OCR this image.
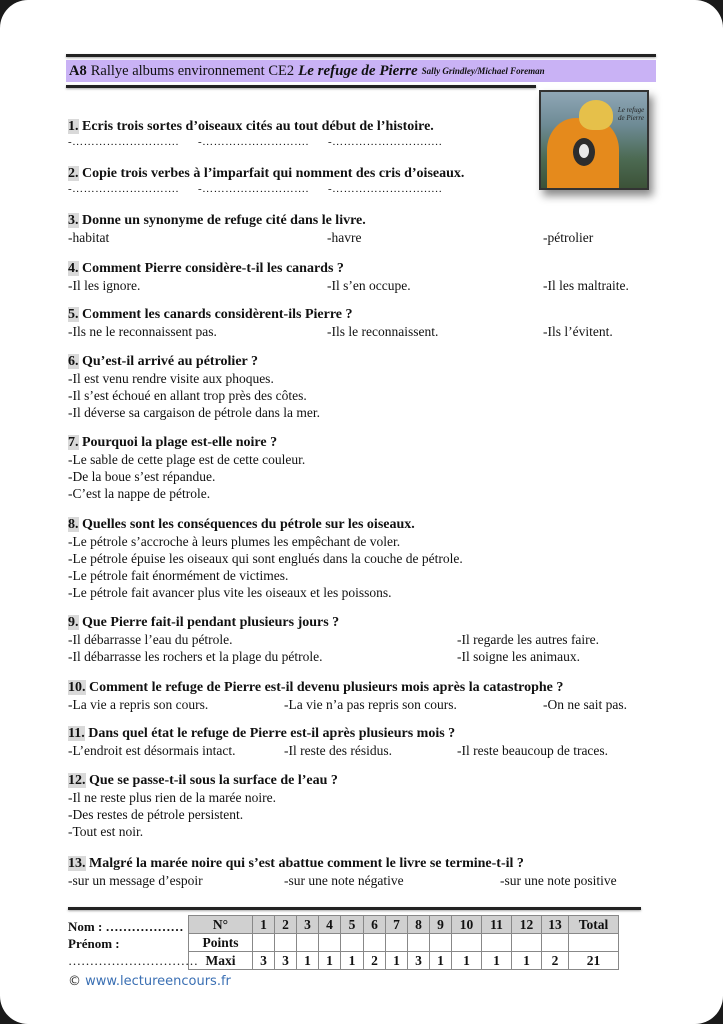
A8 Rallye albums environnement CE2 Le refuge de Pierre Sally Grindley/Michael Foreman
Le refuge
de Pierre
1. Ecris trois sortes d’oiseaux cités au tout début de l’histoire.
-………………………. -………………………. -…………………….….
2. Copie trois verbes à l’imparfait qui nomment des cris d’oiseaux.
-………………………. -………………………. -…………………….….
3. Donne un synonyme de refuge cité dans le livre.
-habitat	-havre	-pétrolier
4. Comment Pierre considère-t-il les canards ?
-Il les ignore.	-Il s’en occupe.	-Il les maltraite.
5. Comment les canards considèrent-ils Pierre ?
-Ils ne le reconnaissent pas.	-Ils le reconnaissent.	-Ils l’évitent.
6. Qu’est-il arrivé au pétrolier ?
-Il est venu rendre visite aux phoques.
-Il s’est échoué en allant trop près des côtes.
-Il déverse sa cargaison de pétrole dans la mer.
7. Pourquoi la plage est-elle noire ?
-Le sable de cette plage est de cette couleur.
-De la boue s’est répandue.
-C’est la nappe de pétrole.
8. Quelles sont les conséquences du pétrole sur les oiseaux.
-Le pétrole s’accroche à leurs plumes les empêchant de voler.
-Le pétrole épuise les oiseaux qui sont englués dans la couche de pétrole.
-Le pétrole fait énormément de victimes.
-Le pétrole fait avancer plus vite les oiseaux et les poissons.
9. Que Pierre fait-il pendant plusieurs jours ?
-Il débarrasse l’eau du pétrole.	-Il regarde les autres faire.
-Il débarrasse les rochers et la plage du pétrole.	-Il soigne les animaux.
10. Comment le refuge de Pierre est-il devenu plusieurs mois après la catastrophe ?
-La vie a repris son cours.	-La vie n’a pas repris son cours.	-On ne sait pas.
11. Dans quel état le refuge de Pierre est-il après plusieurs mois ?
-L’endroit est désormais intact.	-Il reste des résidus.	-Il reste beaucoup de traces.
12. Que se passe-t-il sous la surface de l’eau ?
-Il ne reste plus rien de la marée noire.
-Des restes de pétrole persistent.
-Tout est noir.
13. Malgré la marée noire qui s’est abattue comment le livre se termine-t-il ?
-sur un message d’espoir	-sur une note négative	-sur une note positive
Nom : ………………
Prénom :
…………………………
N°	1	2	3	4	5	6	7	8	9	10	11	12	13	Total
Points														
Maxi	3	3	1	1	1	2	1	3	1	1	1	1	2	21
© www.lectureencours.fr
